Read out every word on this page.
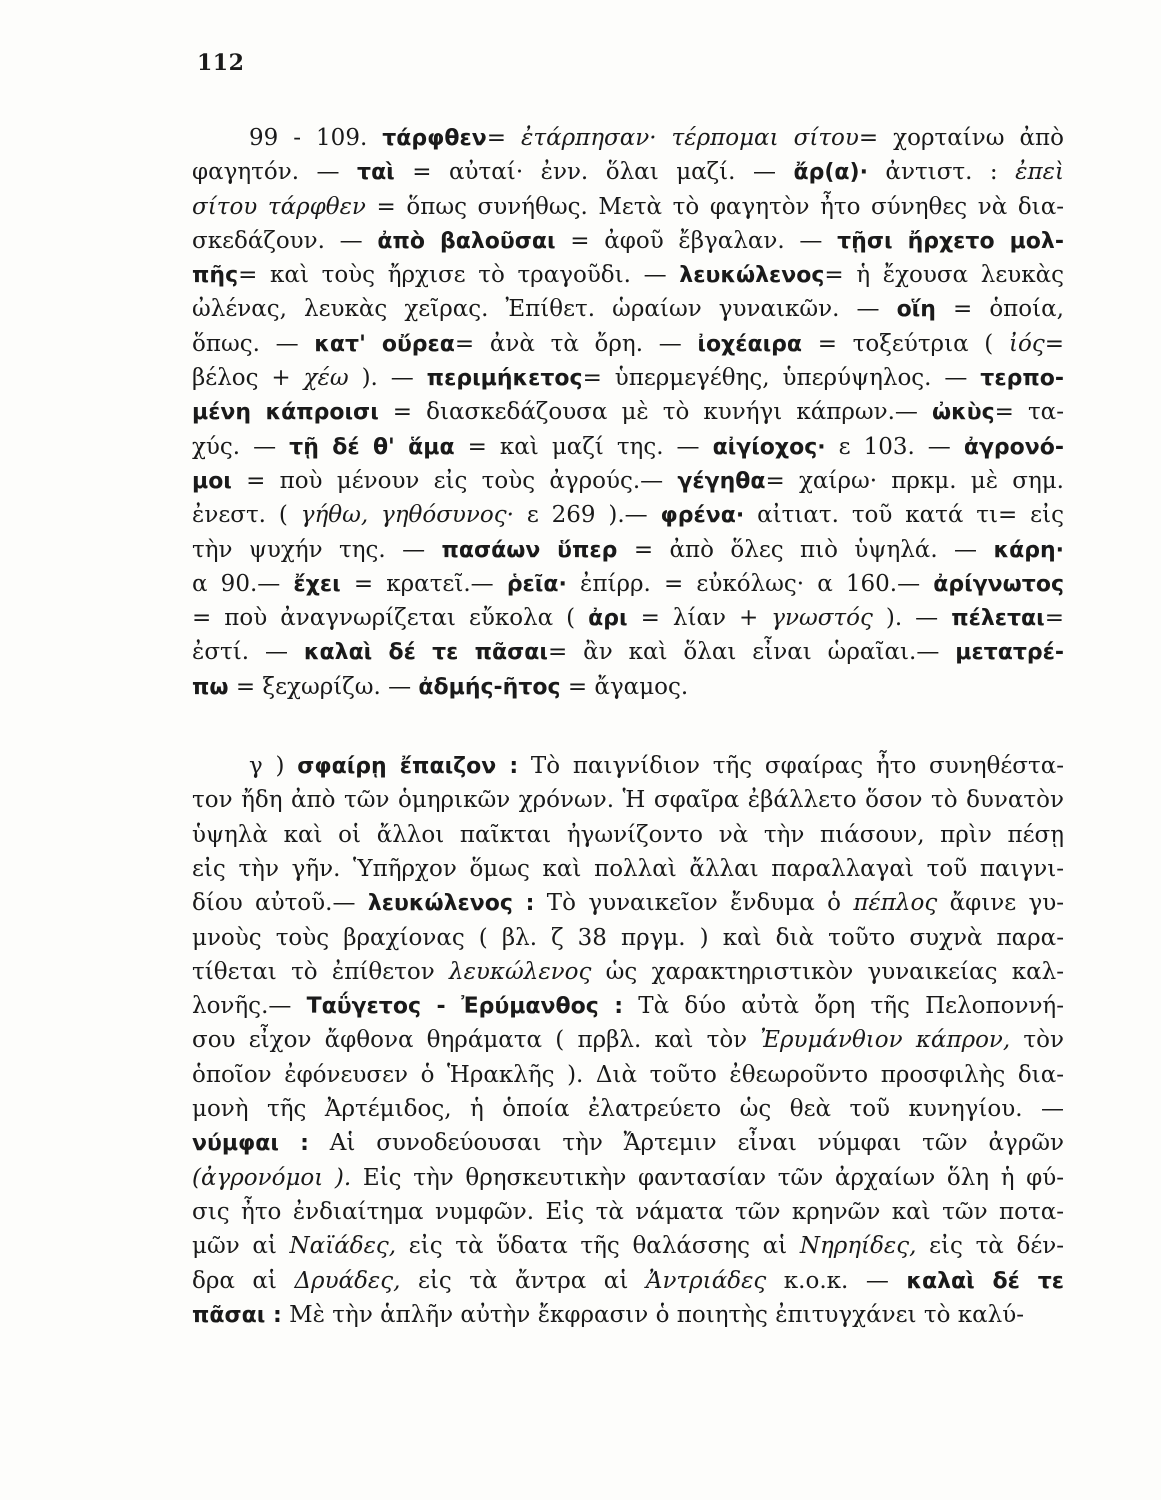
112
99 - 109. τάρφθεν= ἐτάρπησαν· τέρπομαι σίτου= χορταίνω ἀπὸ
φαγητόν. — ταὶ = αὐταί· ἐνν. ὅλαι μαζί. — ἄρ(α)· ἀντιστ. : ἐπεὶ
σίτου τάρφθεν = ὅπως συνήθως. Μετὰ τὸ φαγητὸν ἦτο σύνηθες νὰ δια-
σκεδάζουν. — ἀπὸ βαλοῦσαι = ἀφοῦ ἔβγαλαν. — τῇσι ἤρχετο μολ-
πῆς= καὶ τοὺς ἤρχισε τὸ τραγοῦδι. — λευκώλενος= ἡ ἔχουσα λευκὰς
ὠλένας, λευκὰς χεῖρας. Ἐπίθετ. ὡραίων γυναικῶν. — οἵη = ὁποία,
ὅπως. — κατ' οὔρεα= ἀνὰ τὰ ὄρη. — ἰοχέαιρα = τοξεύτρια ( ἰός=
βέλος + χέω ). — περιμήκετος= ὑπερμεγέθης, ὑπερύψηλος. — τερπο-
μένη κάπροισι = διασκεδάζουσα μὲ τὸ κυνήγι κάπρων.— ὠκὺς= τα-
χύς. — τῇ δέ θ' ἅμα = καὶ μαζί της. — αἰγίοχος· ε 103. — ἀγρονό-
μοι = ποὺ μένουν εἰς τοὺς ἀγρούς.— γέγηθα= χαίρω· πρκμ. μὲ σημ.
ἐνεστ. ( γήθω, γηθόσυνος· ε 269 ).— φρένα· αἰτιατ. τοῦ κατά τι= εἰς
τὴν ψυχήν της. — πασάων ὕπερ = ἀπὸ ὅλες πιὸ ὑψηλά. — κάρη·
α 90.— ἔχει = κρατεῖ.— ῥεῖα· ἐπίρρ. = εὐκόλως· α 160.— ἀρίγνωτος
= ποὺ ἀναγνωρίζεται εὔκολα ( ἀρι = λίαν + γνωστός ). — πέλεται=
ἐστί. — καλαὶ δέ τε πᾶσαι= ἂν καὶ ὅλαι εἶναι ὡραῖαι.— μετατρέ-
πω = ξεχωρίζω. — ἀδμής-ῆτος = ἄγαμος.
γ ) σφαίρῃ ἔπαιζον : Τὸ παιγνίδιον τῆς σφαίρας ἦτο συνηθέστα-
τον ἤδη ἀπὸ τῶν ὁμηρικῶν χρόνων. Ἡ σφαῖρα ἐβάλλετο ὅσον τὸ δυνατὸν
ὑψηλὰ καὶ οἱ ἄλλοι παῖκται ἠγωνίζοντο νὰ τὴν πιάσουν, πρὶν πέσῃ
εἰς τὴν γῆν. Ὑπῆρχον ὅμως καὶ πολλαὶ ἄλλαι παραλλαγαὶ τοῦ παιγνι-
δίου αὐτοῦ.— λευκώλενος : Τὸ γυναικεῖον ἔνδυμα ὁ πέπλος ἄφινε γυ-
μνοὺς τοὺς βραχίονας ( βλ. ζ 38 πργμ. ) καὶ διὰ τοῦτο συχνὰ παρα-
τίθεται τὸ ἐπίθετον λευκώλενος ὡς χαρακτηριστικὸν γυναικείας καλ-
λονῆς.— Ταΰγετος - Ἐρύμανθος : Τὰ δύο αὐτὰ ὄρη τῆς Πελοποννή-
σου εἶχον ἄφθονα θηράματα ( πρβλ. καὶ τὸν Ἐρυμάνθιον κάπρον, τὸν
ὁποῖον ἐφόνευσεν ὁ Ἡρακλῆς ). Διὰ τοῦτο ἐθεωροῦντο προσφιλὴς δια-
μονὴ τῆς Ἀρτέμιδος, ἡ ὁποία ἐλατρεύετο ὡς θεὰ τοῦ κυνηγίου. —
νύμφαι : Αἱ συνοδεύουσαι τὴν Ἄρτεμιν εἶναι νύμφαι τῶν ἀγρῶν
(ἀγρονόμοι ). Εἰς τὴν θρησκευτικὴν φαντασίαν τῶν ἀρχαίων ὅλη ἡ φύ-
σις ἦτο ἐνδιαίτημα νυμφῶν. Εἰς τὰ νάματα τῶν κρηνῶν καὶ τῶν ποτα-
μῶν αἱ Ναϊάδες, εἰς τὰ ὕδατα τῆς θαλάσσης αἱ Νηρηίδες, εἰς τὰ δέν-
δρα αἱ Δρυάδες, εἰς τὰ ἄντρα αἱ Ἀντριάδες κ.ο.κ. — καλαὶ δέ τε
πᾶσαι : Μὲ τὴν ἁπλῆν αὐτὴν ἔκφρασιν ὁ ποιητὴς ἐπιτυγχάνει τὸ καλύ-
